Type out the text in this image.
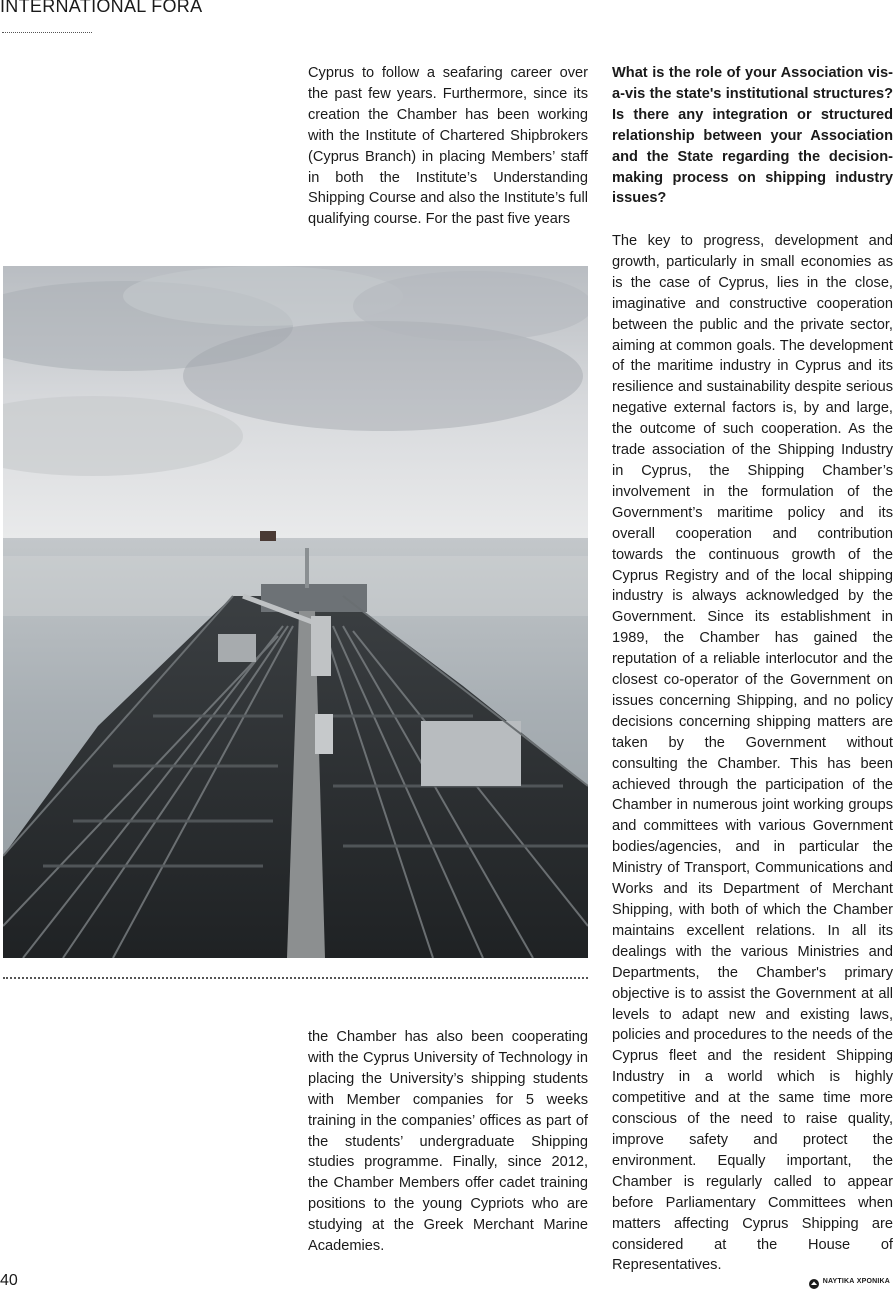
INTERNATIONAL FORA

Cyprus to follow a seafaring career over the past few years. Furthermore, since its creation the Chamber has been working with the Institute of Chartered Shipbrokers (Cyprus Branch) in placing Members’ staff in both the Institute’s Understanding Shipping Course and also the Institute’s full qualifying course. For the past five years

What is the role of your Association vis-a-vis the state's institutional structures? Is there any integration or structured relationship between your Association and the State regarding the decision-making process on shipping industry issues?

The key to progress, development and growth, particularly in small economies as is the case of Cyprus, lies in the close, imaginative and constructive cooperation between the public and the private sector, aiming at common goals. The development of the maritime industry in Cyprus and its resilience and sustainability despite serious negative external factors is, by and large, the outcome of such cooperation. As the trade association of the Shipping Industry in Cyprus, the Shipping Chamber’s involvement in the formulation of the Government’s maritime policy and its overall cooperation and contribution towards the continuous growth of the Cyprus Registry and of the local shipping industry is always acknowledged by the Government. Since its establishment in 1989, the Chamber has gained the reputation of a reliable interlocutor and the closest co-operator of the Government on issues concerning Shipping, and no policy decisions concerning shipping matters are taken by the Government without consulting the Chamber. This has been achieved through the participation of the Chamber in numerous joint working groups and committees with various Government bodies/agencies, and in particular the Ministry of Transport, Communications and Works and its Department of Merchant Shipping, with both of which the Chamber maintains excellent relations. In all its dealings with the various Ministries and Departments, the Chamber's primary objective is to assist the Government at all levels to adapt new and existing laws, policies and procedures to the needs of the Cyprus fleet and the resident Shipping Industry in a world which is highly competitive and at the same time more conscious of the need to raise quality, improve safety and protect the environment. Equally important, the Chamber is regularly called to appear before Parliamentary Committees when matters affecting Cyprus Shipping are considered at the House of Representatives.

the Chamber has also been cooperating with the Cyprus University of Technology in placing the University’s shipping students with Member companies for 5 weeks training in the companies’ offices as part of the students’ undergraduate Shipping studies programme. Finally, since 2012, the Chamber Members offer cadet training positions to the young Cypriots who are studying at the Greek Merchant Marine Academies.

40	ΝΑΥΤΙΚΑ ΧΡΟΝΙΚΑ
